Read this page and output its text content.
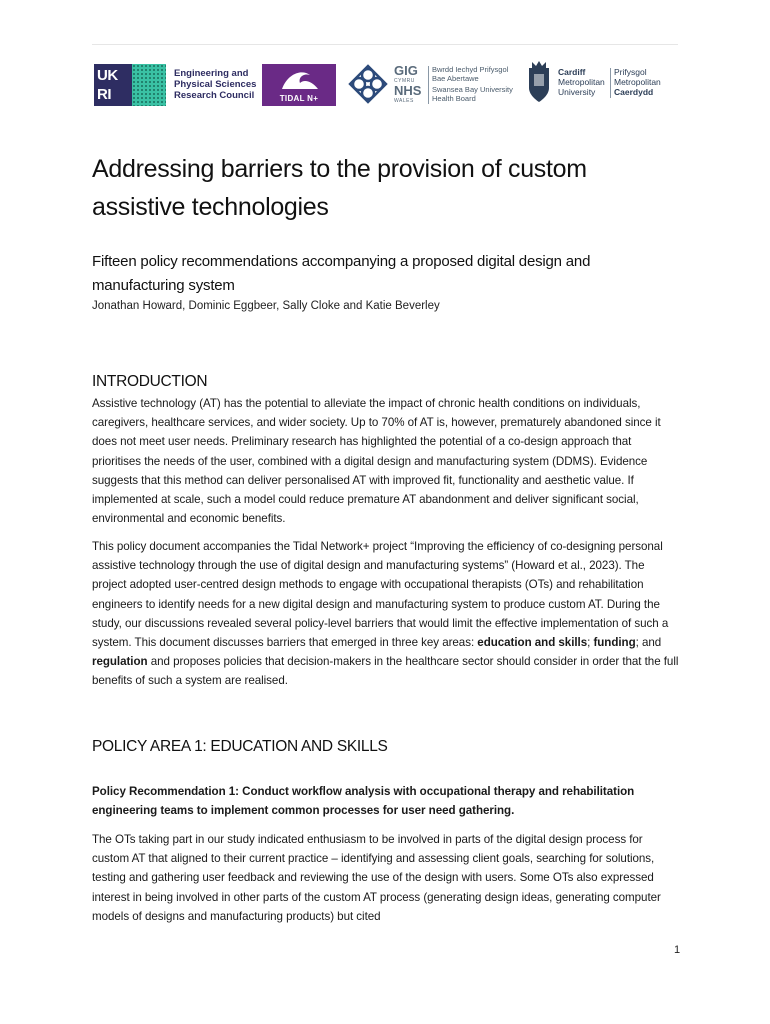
UK RI
Engineering and
Physical Sciences
Research Council	TIDAL N+
GIG
CYMRU
NHS
WALES
Bwrdd Iechyd Prifysgol
Bae Abertawe
Swansea Bay University
Health Board
Cardiff
Metropolitan
University
Prifysgol
Metropolitan
Caerdydd
Addressing barriers to the provision of custom
assistive technologies
Fifteen policy recommendations accompanying a proposed digital design and
manufacturing system
Jonathan Howard, Dominic Eggbeer, Sally Cloke and Katie Beverley
INTRODUCTION

Assistive technology (AT) has the potential to alleviate the impact of chronic health conditions on individuals, caregivers, healthcare services, and wider society. Up to 70% of AT is, however, prematurely abandoned since it does not meet user needs. Preliminary research has highlighted the potential of a co-design approach that prioritises the needs of the user, combined with a digital design and manufacturing system (DDMS). Evidence suggests that this method can deliver personalised AT with improved fit, functionality and aesthetic value. If implemented at scale, such a model could reduce premature AT abandonment and deliver significant social, environmental and economic benefits.

This policy document accompanies the Tidal Network+ project “Improving the efficiency of co-designing personal assistive technology through the use of digital design and manufacturing systems” (Howard et al., 2023). The project adopted user-centred design methods to engage with occupational therapists (OTs) and rehabilitation engineers to identify needs for a new digital design and manufacturing system to produce custom AT. During the study, our discussions revealed several policy-level barriers that would limit the effective implementation of such a system. This document discusses barriers that emerged in three key areas: education and skills; funding; and regulation and proposes policies that decision-makers in the healthcare sector should consider in order that the full benefits of such a system are realised.

POLICY AREA 1: EDUCATION AND SKILLS

Policy Recommendation 1: Conduct workflow analysis with occupational therapy and rehabilitation engineering teams to implement common processes for user need gathering.

The OTs taking part in our study indicated enthusiasm to be involved in parts of the digital design process for custom AT that aligned to their current practice – identifying and assessing client goals, searching for solutions, testing and gathering user feedback and reviewing the use of the design with users. Some OTs also expressed interest in being involved in other parts of the custom AT process (generating design ideas, generating computer models of designs and manufacturing products) but cited

1
